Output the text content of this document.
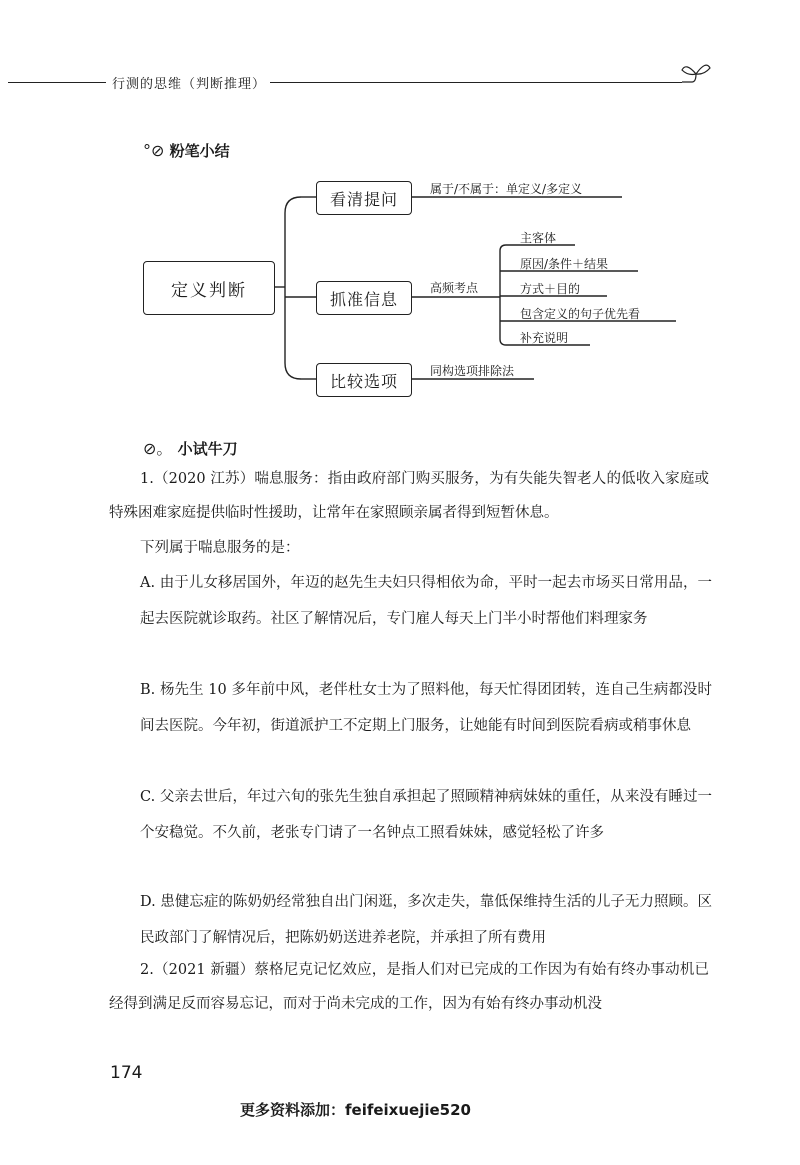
行测的思维（判断推理）
°⊘ 粉笔小结
定义判断
看清提问
抓准信息
比较选项
属于/不属于：单定义/多定义
高频考点
主客体
原因/条件＋结果
方式＋目的
包含定义的句子优先看
补充说明
同构选项排除法
⊘。 小试牛刀
1.（2020 江苏）喘息服务：指由政府部门购买服务，为有失能失智老人的低收入家庭或特殊困难家庭提供临时性援助，让常年在家照顾亲属者得到短暂休息。
下列属于喘息服务的是：
A. 由于儿女移居国外，年迈的赵先生夫妇只得相依为命，平时一起去市场买日常用品，一起去医院就诊取药。社区了解情况后，专门雇人每天上门半小时帮他们料理家务
B. 杨先生 10 多年前中风，老伴杜女士为了照料他，每天忙得团团转，连自己生病都没时间去医院。今年初，街道派护工不定期上门服务，让她能有时间到医院看病或稍事休息
C. 父亲去世后，年过六旬的张先生独自承担起了照顾精神病妹妹的重任，从来没有睡过一个安稳觉。不久前，老张专门请了一名钟点工照看妹妹，感觉轻松了许多
D. 患健忘症的陈奶奶经常独自出门闲逛，多次走失，靠低保维持生活的儿子无力照顾。区民政部门了解情况后，把陈奶奶送进养老院，并承担了所有费用
2.（2021 新疆）蔡格尼克记忆效应，是指人们对已完成的工作因为有始有终办事动机已经得到满足反而容易忘记，而对于尚未完成的工作，因为有始有终办事动机没
174
更多资料添加：feifeixuejie520
